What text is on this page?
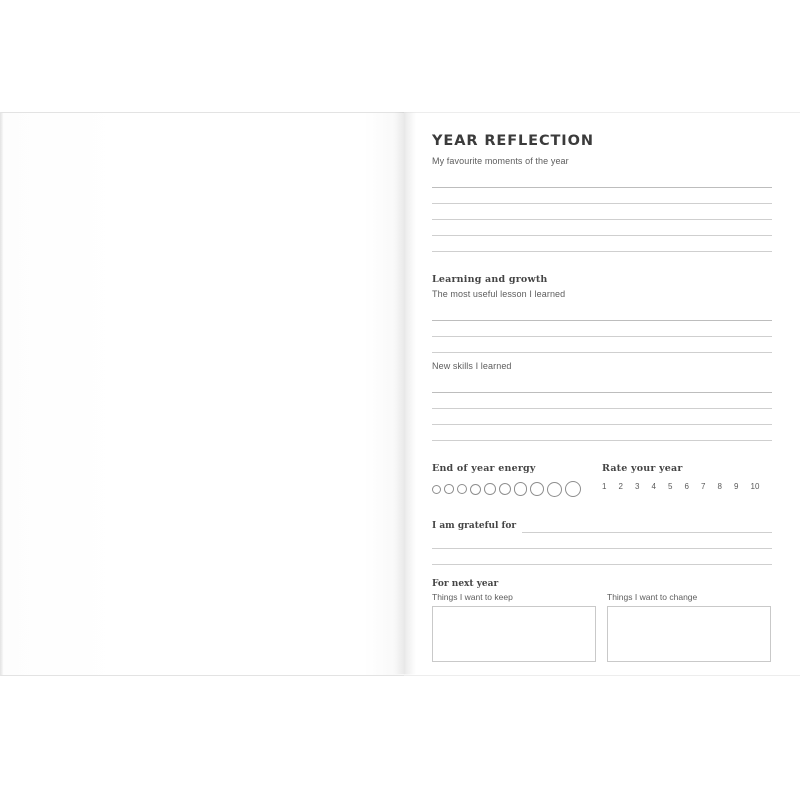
YEAR REFLECTION
My favourite moments of the year
Learning and growth
The most useful lesson I learned
New skills I learned
End of year energy	Rate your year
1	2	3	4	5	6	7	8	9	10
I am grateful for
For next year
Things I want to keep	Things I want to change
